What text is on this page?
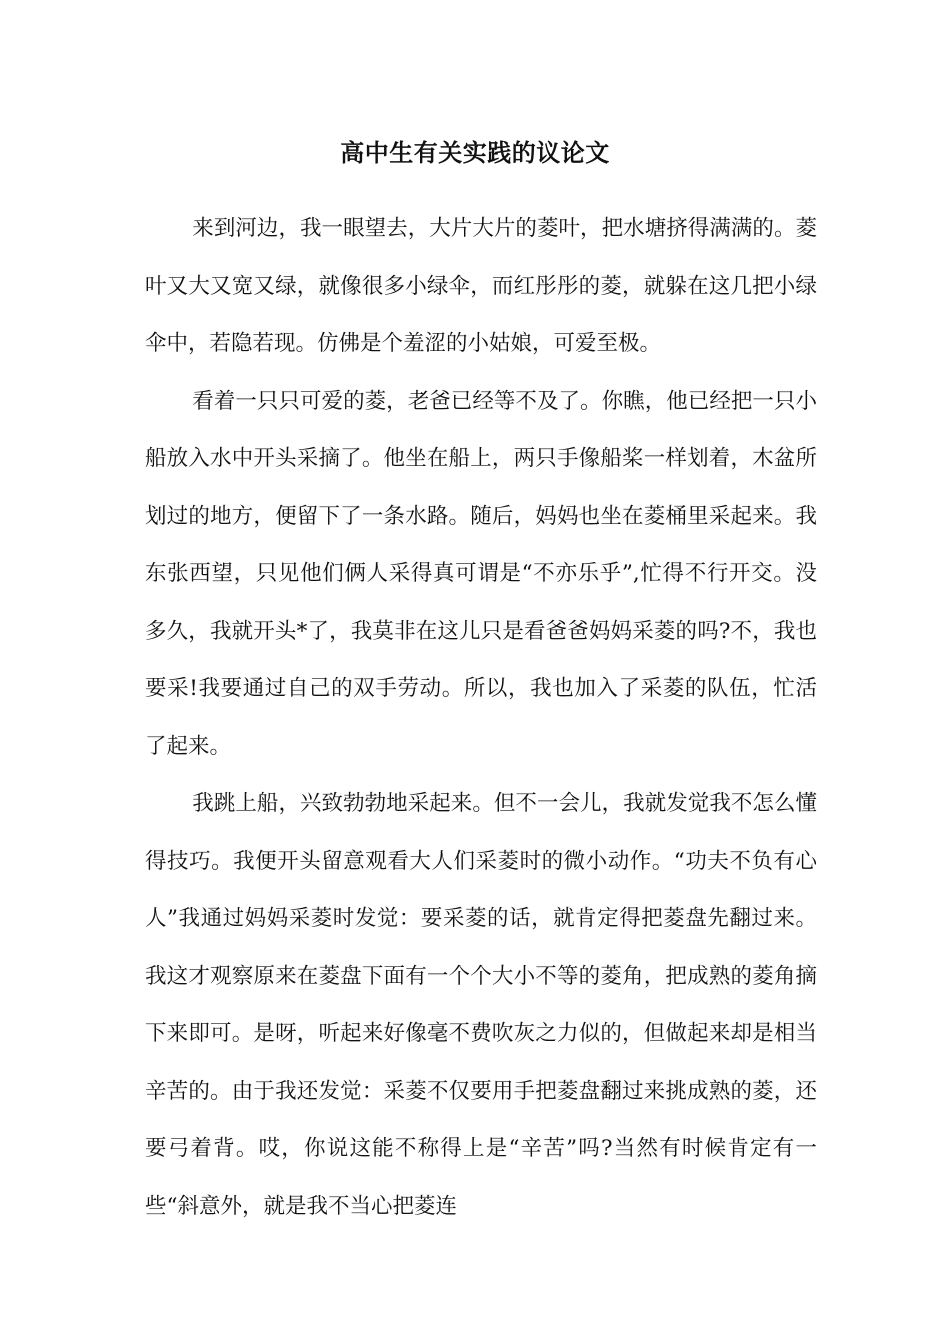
高中生有关实践的议论文

来到河边，我一眼望去，大片大片的菱叶，把水塘挤得满满的。菱叶又大又宽又绿，就像很多小绿伞，而红彤彤的菱，就躲在这几把小绿伞中，若隐若现。仿佛是个羞涩的小姑娘，可爱至极。

看着一只只可爱的菱，老爸已经等不及了。你瞧，他已经把一只小船放入水中开头采摘了。他坐在船上，两只手像船桨一样划着，木盆所划过的地方，便留下了一条水路。随后，妈妈也坐在菱桶里采起来。我东张西望，只见他们俩人采得真可谓是“不亦乐乎”,忙得不行开交。没多久，我就开头*了，我莫非在这儿只是看爸爸妈妈采菱的吗?不，我也要采!我要通过自己的双手劳动。所以，我也加入了采菱的队伍，忙活了起来。

我跳上船，兴致勃勃地采起来。但不一会儿，我就发觉我不怎么懂得技巧。我便开头留意观看大人们采菱时的微小动作。“功夫不负有心人”我通过妈妈采菱时发觉：要采菱的话，就肯定得把菱盘先翻过来。我这才观察原来在菱盘下面有一个个大小不等的菱角，把成熟的菱角摘下来即可。是呀，听起来好像毫不费吹灰之力似的，但做起来却是相当辛苦的。由于我还发觉：采菱不仅要用手把菱盘翻过来挑成熟的菱，还要弓着背。哎，你说这能不称得上是“辛苦”吗?当然有时候肯定有一些“斜意外，就是我不当心把菱连
